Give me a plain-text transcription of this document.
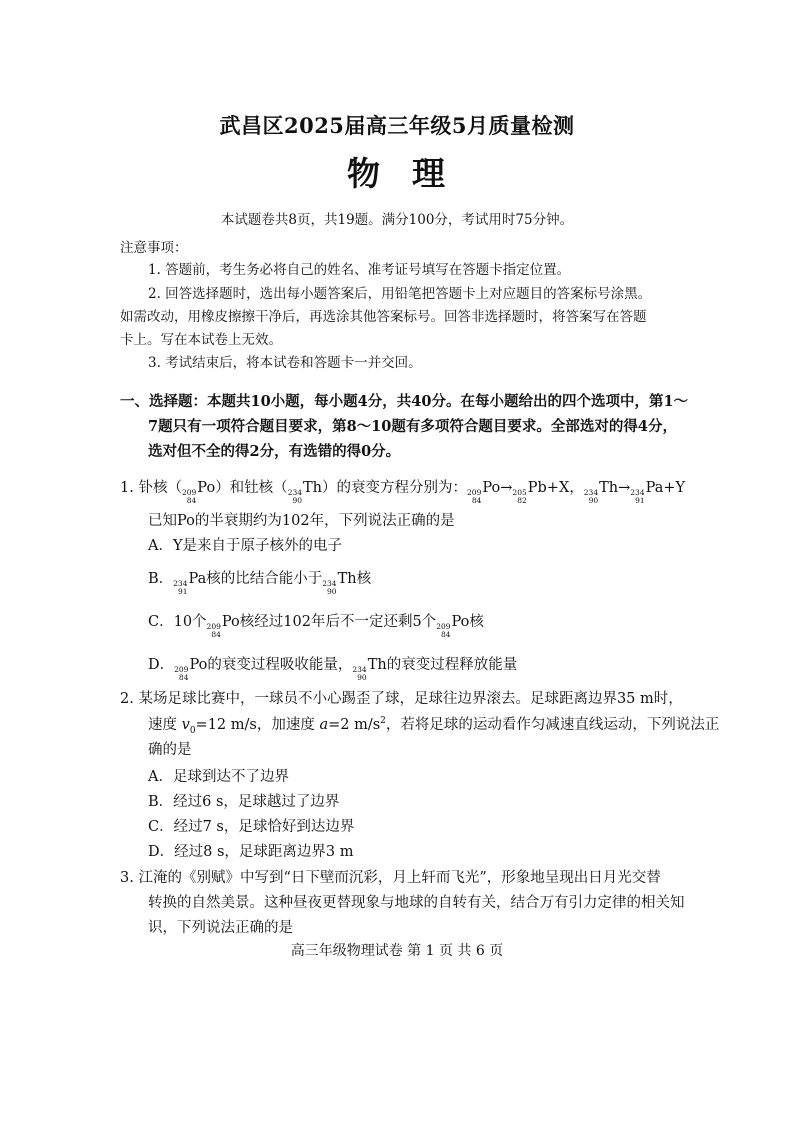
武昌区2025届高三年级5月质量检测
物 理
本试题卷共8页，共19题。满分100分，考试用时75分钟。
注意事项：
1. 答题前，考生务必将自己的姓名、准考证号填写在答题卡指定位置。
2. 回答选择题时，选出每小题答案后，用铅笔把答题卡上对应题目的答案标号涂黑。
如需改动，用橡皮擦擦干净后，再选涂其他答案标号。回答非选择题时，将答案写在答题
卡上。写在本试卷上无效。
3. 考试结束后，将本试卷和答题卡一并交回。
一、选择题：本题共10小题，每小题4分，共40分。在每小题给出的四个选项中，第1～
7题只有一项符合题目要求，第8～10题有多项符合题目要求。全部选对的得4分，
选对但不全的得2分，有选错的得0分。
1. 钋核（ 209
84
Po）和钍核（ 234
90
Th）的衰变方程分别为： 209
84
Po→ 205
82
Pb+X， 234
90
Th→ 234
91
Pa+Y
已知Po的半衰期约为102年，下列说法正确的是
A．Y是来自于原子核外的电子
B． 234
91
Pa核的比结合能小于 234
90
Th核
C．10个 209
84
Po核经过102年后不一定还剩5个 209
84
Po核
D． 209
84
Po的衰变过程吸收能量， 234
90
Th的衰变过程释放能量
2. 某场足球比赛中，一球员不小心踢歪了球，足球往边界滚去。足球距离边界35 m时，
速度 $v_0=12$ m/s，加速度 a=2 $m/s^2$，若将足球的运动看作匀减速直线运动，下列说法正
确的是
A．足球到达不了边界
B．经过6 s，足球越过了边界
C．经过7 s，足球恰好到达边界
D．经过8 s，足球距离边界3 m
3. 江淹的《别赋》中写到“日下壁而沉彩，月上轩而飞光”，形象地呈现出日月光交替
转换的自然美景。这种昼夜更替现象与地球的自转有关，结合万有引力定律的相关知
识，下列说法正确的是
高三年级物理试卷 第 1 页 共 6 页
